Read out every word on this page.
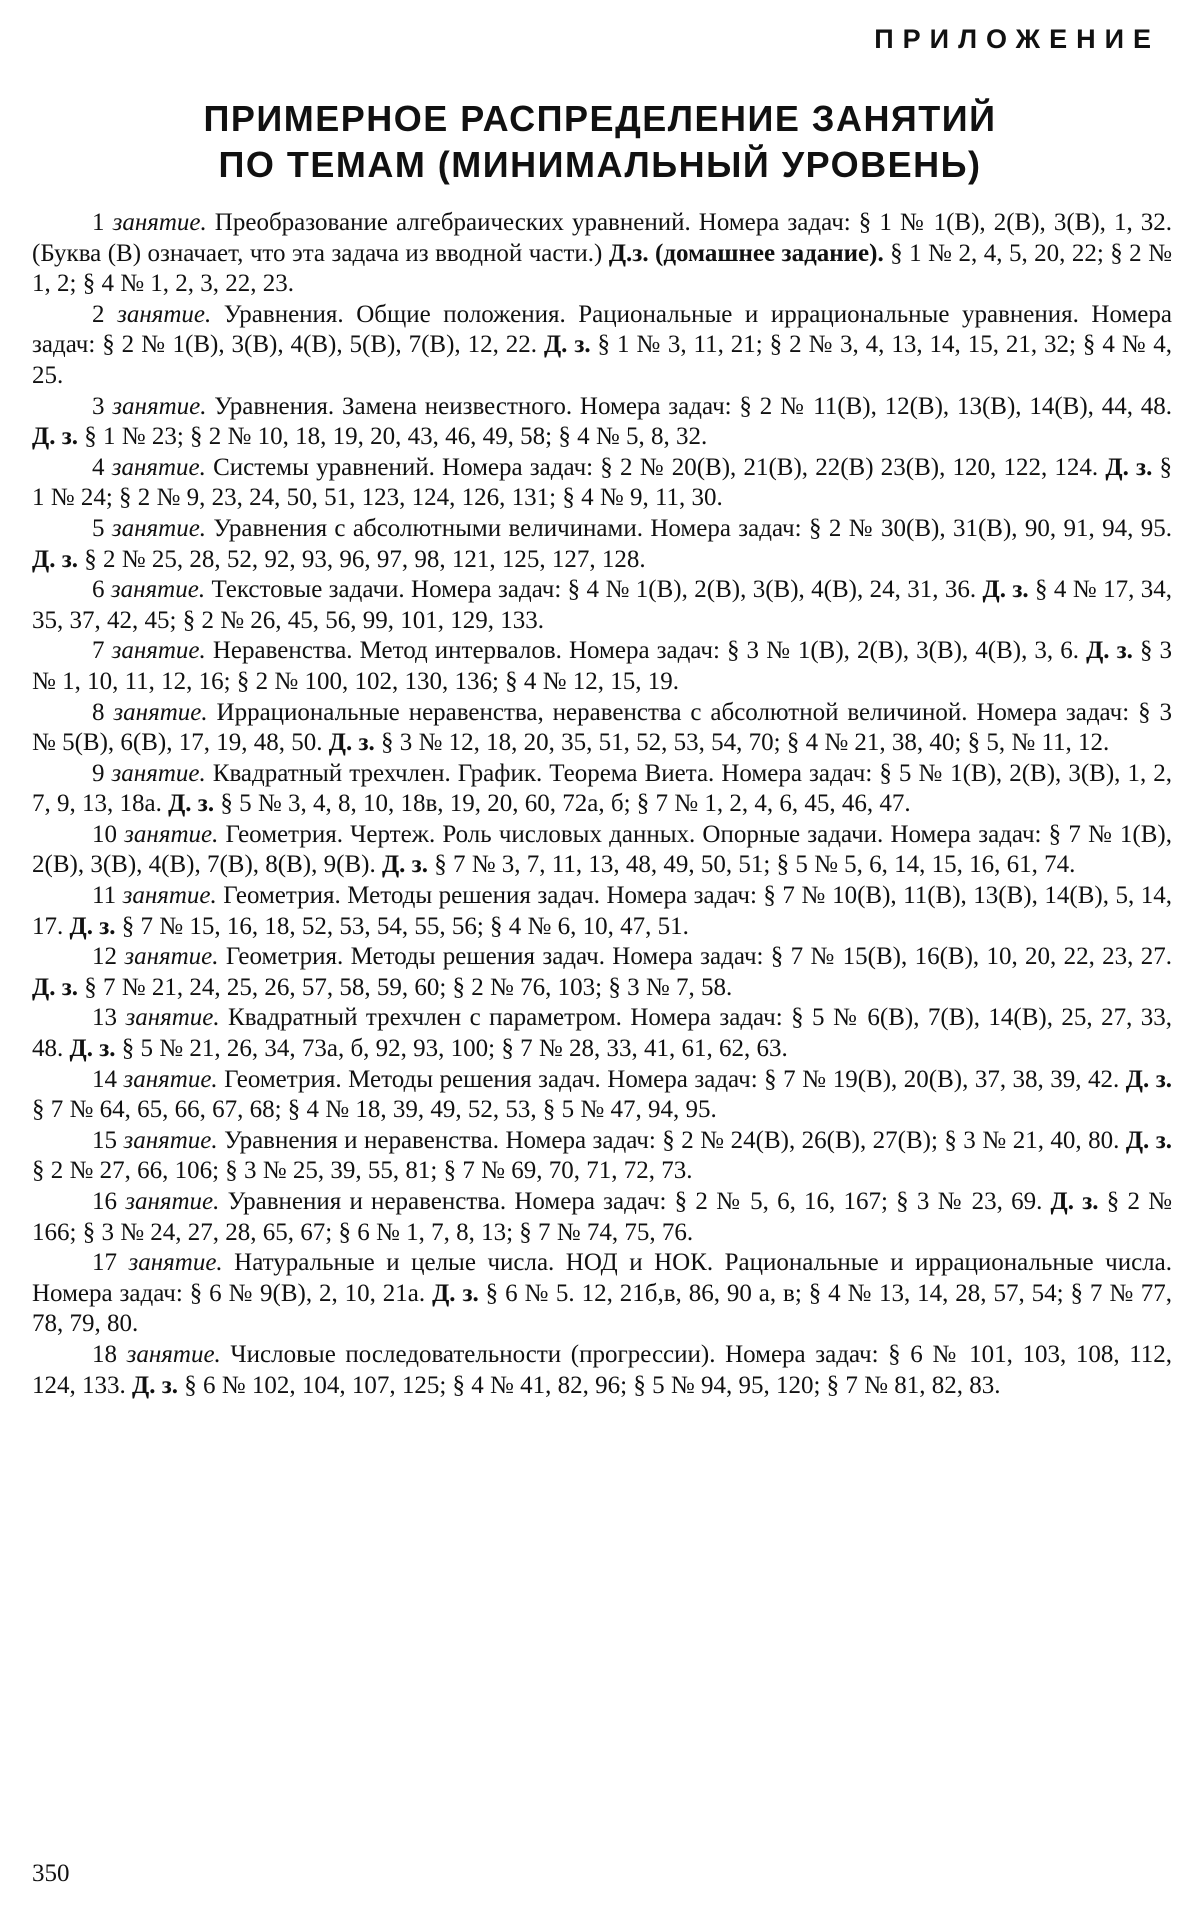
ПРИЛОЖЕНИЕ
ПРИМЕРНОЕ РАСПРЕДЕЛЕНИЕ ЗАНЯТИЙ
ПО ТЕМАМ (МИНИМАЛЬНЫЙ УРОВЕНЬ)

1 занятие. Преобразование алгебраических уравнений. Номера задач: § 1 № 1(В), 2(В), 3(В), 1, 32. (Буква (В) означает, что эта задача из вводной части.) Д.з. (домашнее задание). § 1 № 2, 4, 5, 20, 22; § 2 № 1, 2; § 4 № 1, 2, 3, 22, 23.

2 занятие. Уравнения. Общие положения. Рациональные и иррациональные уравнения. Номера задач: § 2 № 1(В), 3(В), 4(В), 5(В), 7(В), 12, 22. Д. з. § 1 № 3, 11, 21; § 2 № 3, 4, 13, 14, 15, 21, 32; § 4 № 4, 25.

3 занятие. Уравнения. Замена неизвестного. Номера задач: § 2 № 11(В), 12(В), 13(В), 14(В), 44, 48. Д. з. § 1 № 23; § 2 № 10, 18, 19, 20, 43, 46, 49, 58; § 4 № 5, 8, 32.

4 занятие. Системы уравнений. Номера задач: § 2 № 20(В), 21(В), 22(В) 23(В), 120, 122, 124. Д. з. § 1 № 24; § 2 № 9, 23, 24, 50, 51, 123, 124, 126, 131; § 4 № 9, 11, 30.

5 занятие. Уравнения с абсолютными величинами. Номера задач: § 2 № 30(В), 31(В), 90, 91, 94, 95. Д. з. § 2 № 25, 28, 52, 92, 93, 96, 97, 98, 121, 125, 127, 128.

6 занятие. Текстовые задачи. Номера задач: § 4 № 1(В), 2(В), 3(В), 4(В), 24, 31, 36. Д. з. § 4 № 17, 34, 35, 37, 42, 45; § 2 № 26, 45, 56, 99, 101, 129, 133.

7 занятие. Неравенства. Метод интервалов. Номера задач: § 3 № 1(В), 2(В), 3(В), 4(В), 3, 6. Д. з. § 3 № 1, 10, 11, 12, 16; § 2 № 100, 102, 130, 136; § 4 № 12, 15, 19.

8 занятие. Иррациональные неравенства, неравенства с абсолютной величиной. Номера задач: § 3 № 5(В), 6(В), 17, 19, 48, 50. Д. з. § 3 № 12, 18, 20, 35, 51, 52, 53, 54, 70; § 4 № 21, 38, 40; § 5, № 11, 12.

9 занятие. Квадратный трехчлен. График. Теорема Виета. Номера задач: § 5 № 1(В), 2(В), 3(В), 1, 2, 7, 9, 13, 18а. Д. з. § 5 № 3, 4, 8, 10, 18в, 19, 20, 60, 72а, б; § 7 № 1, 2, 4, 6, 45, 46, 47.

10 занятие. Геометрия. Чертеж. Роль числовых данных. Опорные задачи. Номера задач: § 7 № 1(В), 2(В), 3(В), 4(В), 7(В), 8(В), 9(В). Д. з. § 7 № 3, 7, 11, 13, 48, 49, 50, 51; § 5 № 5, 6, 14, 15, 16, 61, 74.

11 занятие. Геометрия. Методы решения задач. Номера задач: § 7 № 10(В), 11(В), 13(В), 14(В), 5, 14, 17. Д. з. § 7 № 15, 16, 18, 52, 53, 54, 55, 56; § 4 № 6, 10, 47, 51.

12 занятие. Геометрия. Методы решения задач. Номера задач: § 7 № 15(В), 16(В), 10, 20, 22, 23, 27. Д. з. § 7 № 21, 24, 25, 26, 57, 58, 59, 60; § 2 № 76, 103; § 3 № 7, 58.

13 занятие. Квадратный трехчлен с параметром. Номера задач: § 5 № 6(В), 7(В), 14(В), 25, 27, 33, 48. Д. з. § 5 № 21, 26, 34, 73а, б, 92, 93, 100; § 7 № 28, 33, 41, 61, 62, 63.

14 занятие. Геометрия. Методы решения задач. Номера задач: § 7 № 19(В), 20(В), 37, 38, 39, 42. Д. з. § 7 № 64, 65, 66, 67, 68; § 4 № 18, 39, 49, 52, 53, § 5 № 47, 94, 95.

15 занятие. Уравнения и неравенства. Номера задач: § 2 № 24(В), 26(В), 27(В); § 3 № 21, 40, 80. Д. з. § 2 № 27, 66, 106; § 3 № 25, 39, 55, 81; § 7 № 69, 70, 71, 72, 73.

16 занятие. Уравнения и неравенства. Номера задач: § 2 № 5, 6, 16, 167; § 3 № 23, 69. Д. з. § 2 № 166; § 3 № 24, 27, 28, 65, 67; § 6 № 1, 7, 8, 13; § 7 № 74, 75, 76.

17 занятие. Натуральные и целые числа. НОД и НОК. Рациональные и иррациональные числа. Номера задач: § 6 № 9(В), 2, 10, 21а. Д. з. § 6 № 5. 12, 21б,в, 86, 90 а, в; § 4 № 13, 14, 28, 57, 54; § 7 № 77, 78, 79, 80.

18 занятие. Числовые последовательности (прогрессии). Номера задач: § 6 № 101, 103, 108, 112, 124, 133. Д. з. § 6 № 102, 104, 107, 125; § 4 № 41, 82, 96; § 5 № 94, 95, 120; § 7 № 81, 82, 83.

350
